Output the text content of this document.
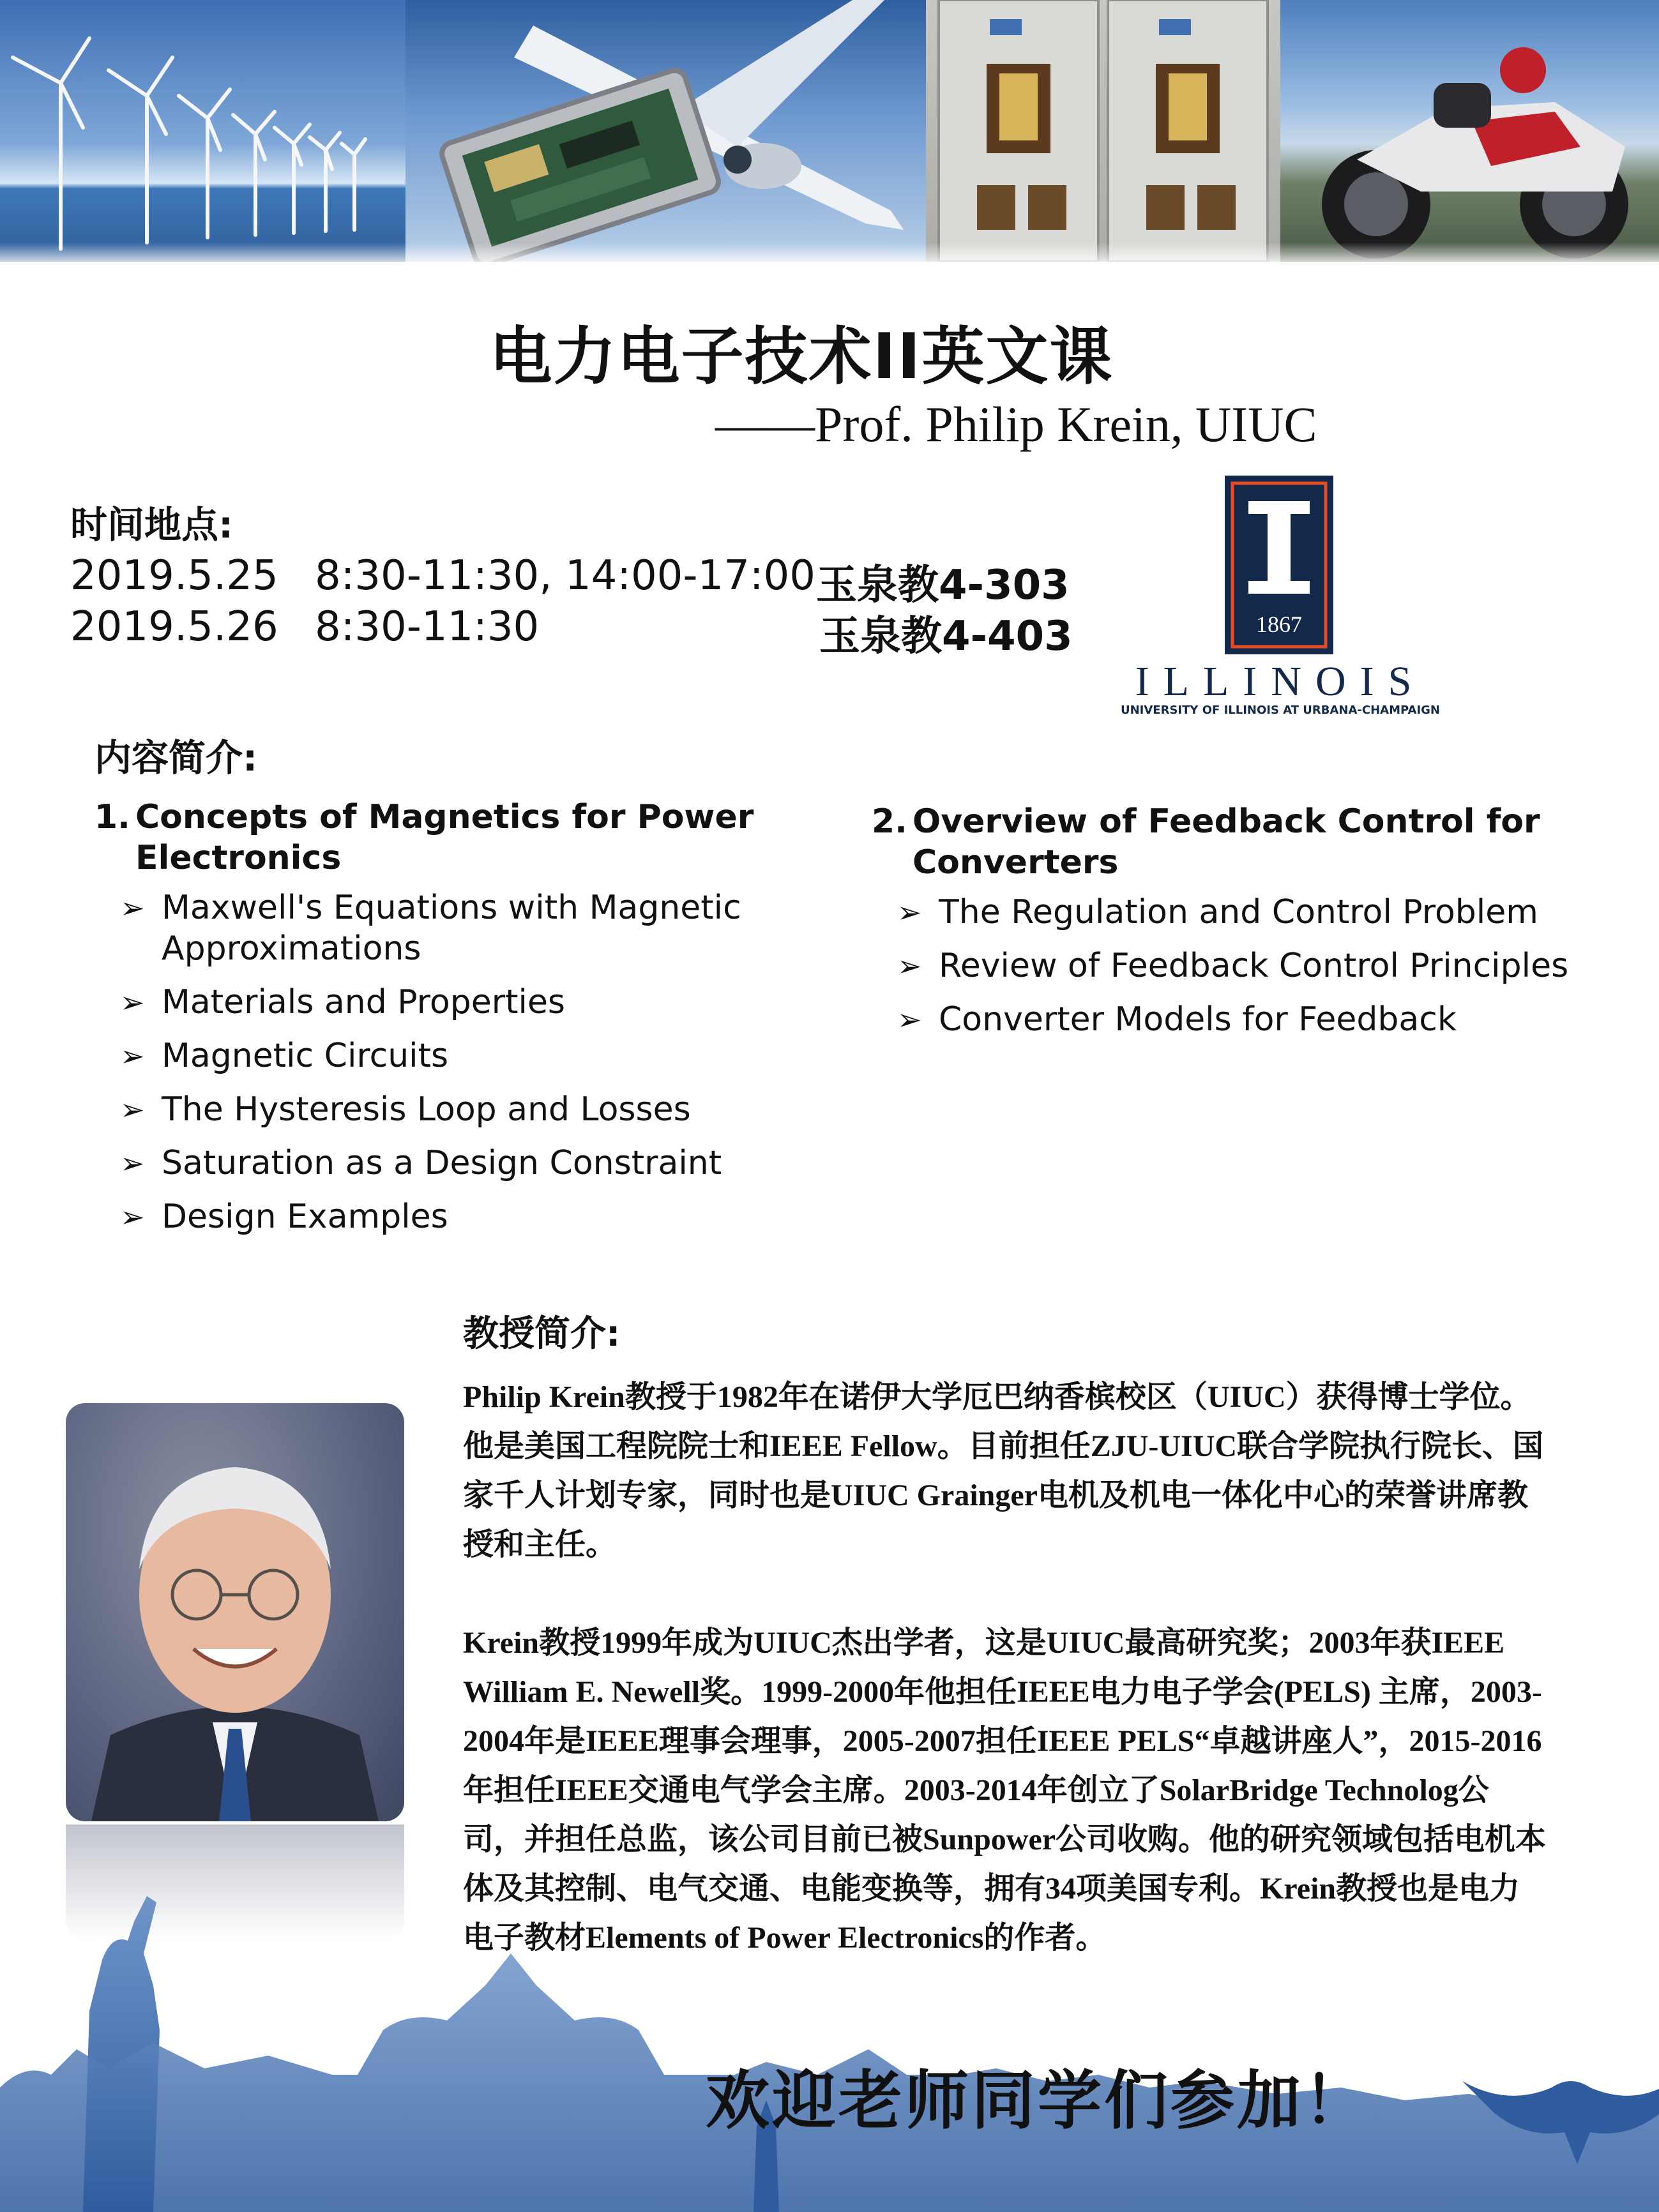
电力电子技术II英文课
——Prof. Philip Krein, UIUC
时间地点:
2019.5.25 8:30-11:30, 14:00-17:00 玉泉教4-303
2019.5.26 8:30-11:30	玉泉教4-403	1867
ILLINOIS
UNIVERSITY OF ILLINOIS AT URBANA-CHAMPAIGN
内容简介:
1. Concepts of Magnetics for Power Electronics
➢ Maxwell's Equations with Magnetic Approximations
➢ Materials and Properties
➢ Magnetic Circuits
➢ The Hysteresis Loop and Losses
➢ Saturation as a Design Constraint
➢ Design Examples
2. Overview of Feedback Control for Converters
➢ The Regulation and Control Problem
➢ Review of Feedback Control Principles
➢ Converter Models for Feedback
教授简介:

Philip Krein教授于1982年在诺伊大学厄巴纳香槟校区（UIUC）获得博士学位。他是美国工程院院士和IEEE Fellow。目前担任ZJU-UIUC联合学院执行院长、国家千人计划专家，同时也是UIUC Grainger电机及机电一体化中心的荣誉讲席教授和主任。

Krein教授1999年成为UIUC杰出学者，这是UIUC最高研究奖；2003年获IEEE William E. Newell奖。1999-2000年他担任IEEE电力电子学会(PELS) 主席，2003-2004年是IEEE理事会理事，2005-2007担任IEEE PELS“卓越讲座人”，2015-2016年担任IEEE交通电气学会主席。2003-2014年创立了SolarBridge Technolog公司，并担任总监，该公司目前已被Sunpower公司收购。他的研究领域包括电机本体及其控制、电气交通、电能变换等，拥有34项美国专利。Krein教授也是电力电子教材Elements of Power Electronics的作者。

欢迎老师同学们参加！
